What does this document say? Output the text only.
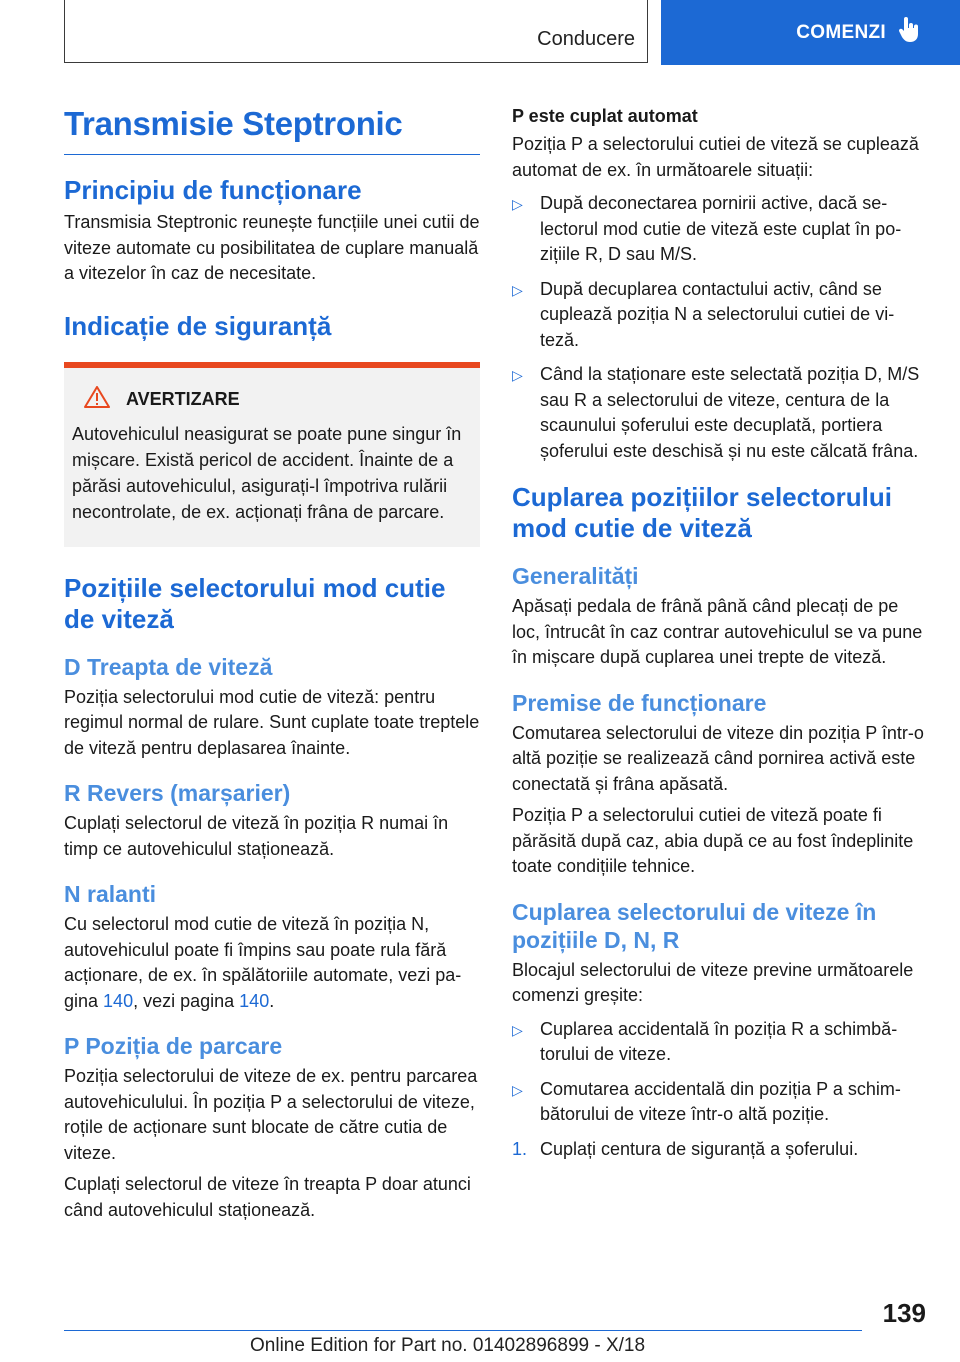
Conducere	COMENZI
Transmisie Steptronic
Principiu de funcționare

Transmisia Steptronic reunește funcțiile unei cutii de viteze automate cu posibilitatea de cuplare manuală a vitezelor în caz de necesitate.

Indicație de siguranță
AVERTIZARE

Autovehiculul neasigurat se poate pune singur în mișcare. Există pericol de accident. Înainte de a părăsi autovehiculul, asigurați-l împotriva rulării necontrolate, de ex. acționați frâna de parcare.

Pozițiile selectorului mod cutie de viteză
D Treapta de viteză

Poziția selectorului mod cutie de viteză: pentru regimul normal de rulare. Sunt cuplate toate treptele de viteză pentru deplasarea înainte.

R Revers (marșarier)

Cuplați selectorul de viteză în poziția R numai în timp ce autovehiculul staționează.

N ralanti

Cu selectorul mod cutie de viteză în poziția N, autovehiculul poate fi împins sau poate rula fără acționare, de ex. în spălătoriile automate, vezi pagina 140, vezi pagina 140.

P Poziția de parcare

Poziția selectorului de viteze de ex. pentru parcarea autovehiculului. În poziția P a selectorului de viteze, roțile de acționare sunt blocate de către cutia de viteze.

Cuplați selectorul de viteze în treapta P doar atunci când autovehiculul staționează.

P este cuplat automat

Poziția P a selectorului cutiei de viteză se cuplează automat de ex. în următoarele situații:

▷ După deconectarea pornirii active, dacă selectorul mod cutie de viteză este cuplat în pozițiile R, D sau M/S.
▷ După decuplarea contactului activ, când se cuplează poziția N a selectorului cutiei de viteză.
▷ Când la staționare este selectată poziția D, M/S sau R a selectorului de viteze, centura de la scaunului șoferului este decuplată, portiera șoferului este deschisă și nu este călcată frâna.
Cuplarea pozițiilor selectorului mod cutie de viteză
Generalități

Apăsați pedala de frână până când plecați de pe loc, întrucât în caz contrar autovehiculul se va pune în mișcare după cuplarea unei trepte de viteză.

Premise de funcționare

Comutarea selectorului de viteze din poziția P într-o altă poziție se realizează când pornirea activă este conectată și frâna apăsată.

Poziția P a selectorului cutiei de viteză poate fi părăsită după caz, abia după ce au fost îndeplinite toate condițiile tehnice.

Cuplarea selectorului de viteze în pozițiile D, N, R

Blocajul selectorului de viteze previne următoarele comenzi greșite:

▷ Cuplarea accidentală în poziția R a schimbătorului de viteze.
▷ Comutarea accidentală din poziția P a schimbătorului de viteze într-o altă poziție.
1. Cuplați centura de siguranță a șoferului.
139
Online Edition for Part no. 01402896899 - X/18
